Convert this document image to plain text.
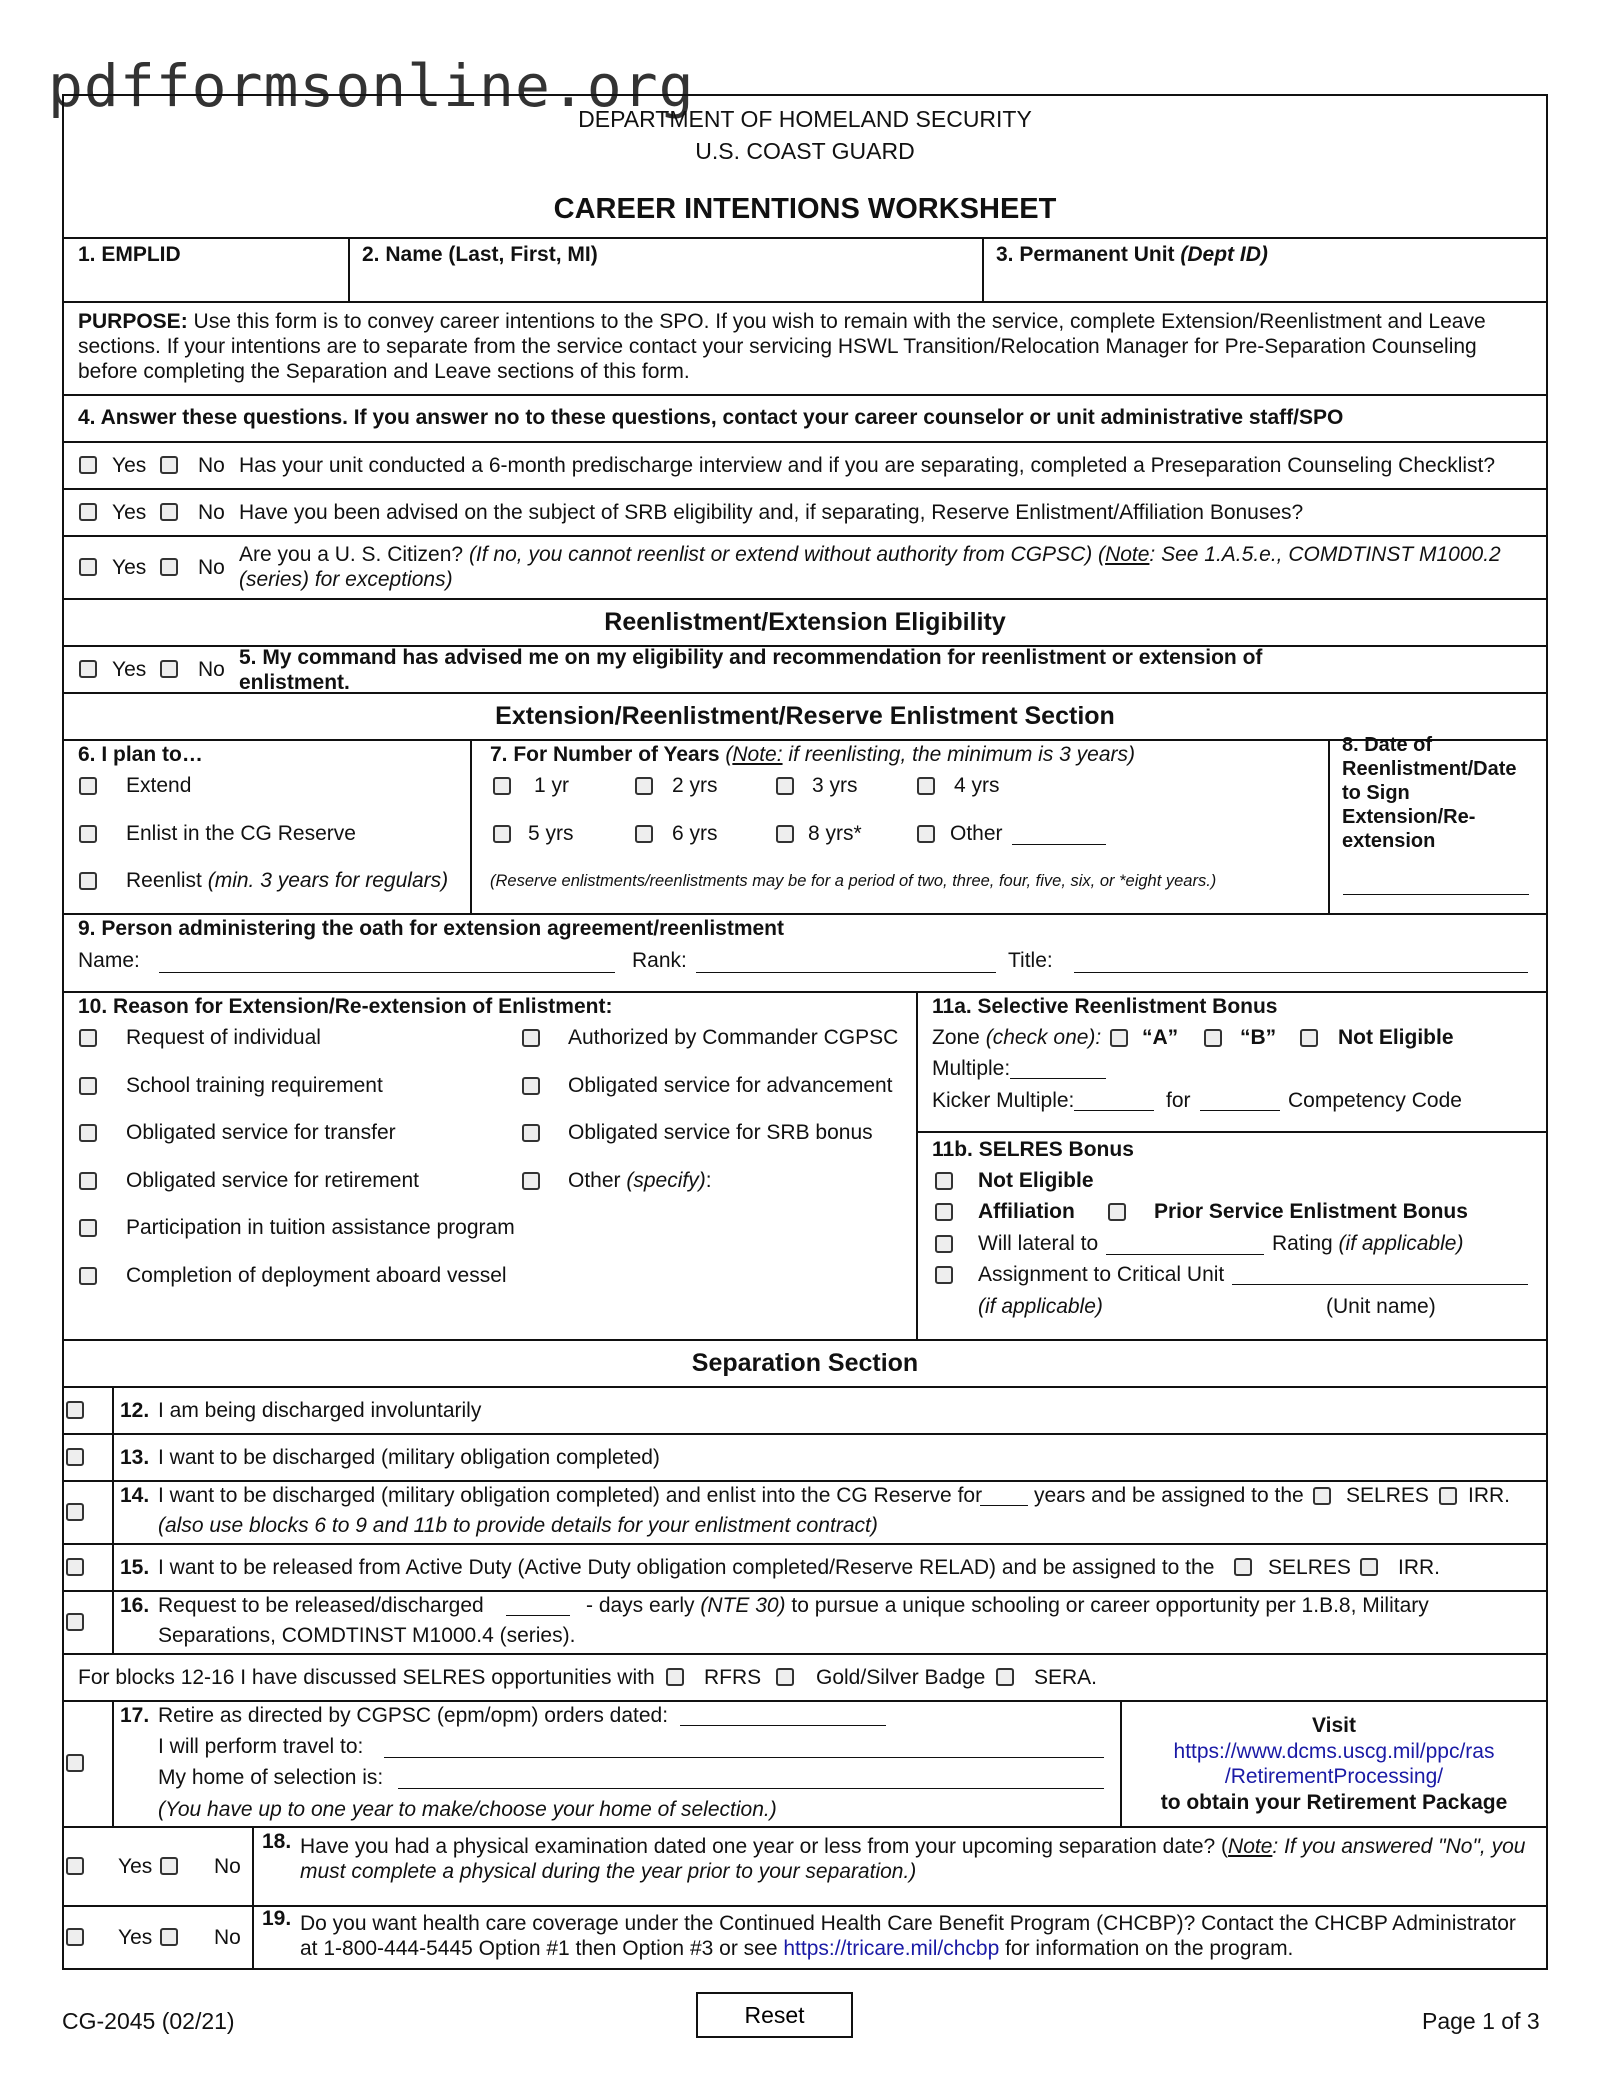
pdfformsonline.org
DEPARTMENT OF HOMELAND SECURITY
U.S. COAST GUARD
CAREER INTENTIONS WORKSHEET
1. EMPLID	2. Name (Last, First, MI)	3. Permanent Unit (Dept ID)
PURPOSE: Use this form is to convey career intentions to the SPO. If you wish to remain with the service, complete Extension/Reenlistment and Leave sections. If your intentions are to separate from the service contact your servicing HSWL Transition/Relocation Manager for Pre-Separation Counseling before completing the Separation and Leave sections of this form.
4. Answer these questions. If you answer no to these questions, contact your career counselor or unit administrative staff/SPO
Yes No Has your unit conducted a 6-month predischarge interview and if you are separating, completed a Preseparation Counseling Checklist?
Yes No Have you been advised on the subject of SRB eligibility and, if separating, Reserve Enlistment/Affiliation Bonuses?
Yes No
Are you a U. S. Citizen? (If no, you cannot reenlist or extend without authority from CGPSC) (Note: See 1.A.5.e., COMDTINST M1000.2 (series) for exceptions)
Reenlistment/Extension Eligibility
Yes No
5. My command has advised me on my eligibility and recommendation for reenlistment or extension of enlistment.
Extension/Reenlistment/Reserve Enlistment Section
6. I plan to…
Extend
Enlist in the CG Reserve
Reenlist (min. 3 years for regulars)
7. For Number of Years (Note: if reenlisting, the minimum is 3 years)
1 yr	2 yrs	3 yrs	4 yrs
5 yrs	6 yrs	8 yrs*	Other
(Reserve enlistments/reenlistments may be for a period of two, three, four, five, six, or *eight years.)
8. Date of Reenlistment/Date to Sign Extension/Re-extension
9. Person administering the oath for extension agreement/reenlistment
Name:	Rank:	Title:
10. Reason for Extension/Re-extension of Enlistment:
Request of individual
School training requirement
Obligated service for transfer
Obligated service for retirement
Participation in tuition assistance program
Completion of deployment aboard vessel
Authorized by Commander CGPSC
Obligated service for advancement
Obligated service for SRB bonus
Other (specify):
11a. Selective Reenlistment Bonus
Zone (check one): “A”	“B”	Not Eligible
Multiple:
Kicker Multiple:	for	Competency Code
11b. SELRES Bonus
Not Eligible
Affiliation	Prior Service Enlistment Bonus
Will lateral to	Rating (if applicable)
Assignment to Critical Unit
(if applicable)	(Unit name)
Separation Section
12. I am being discharged involuntarily
13. I want to be discharged (military obligation completed)
14. I want to be discharged (military obligation completed) and enlist into the CG Reserve for years and be assigned to the SELRES IRR.
(also use blocks 6 to 9 and 11b to provide details for your enlistment contract)
15. I want to be released from Active Duty (Active Duty obligation completed/Reserve RELAD) and be assigned to the	SELRES IRR.
16. Request to be released/discharged	- days early (NTE 30) to pursue a unique schooling or career opportunity per 1.B.8, Military
Separations, COMDTINST M1000.4 (series).
For blocks 12-16 I have discussed SELRES opportunities with RFRS	Gold/Silver Badge SERA.
17. Retire as directed by CGPSC (epm/opm) orders dated:
I will perform travel to:
My home of selection is:
(You have up to one year to make/choose your home of selection.)
Visit
https://www.dcms.uscg.mil/ppc/ras
/RetirementProcessing/
to obtain your Retirement Package
Yes	No
18. Have you had a physical examination dated one year or less from your upcoming separation date? (Note: If you answered "No", you must complete a physical during the year prior to your separation.)
Yes	No
19. Do you want health care coverage under the Continued Health Care Benefit Program (CHCBP)? Contact the CHCBP Administrator
at 1-800-444-5445 Option #1 then Option #3 or see https://tricare.mil/chcbp for information on the program.
CG-2045 (02/21)	Reset	Page 1 of 3
